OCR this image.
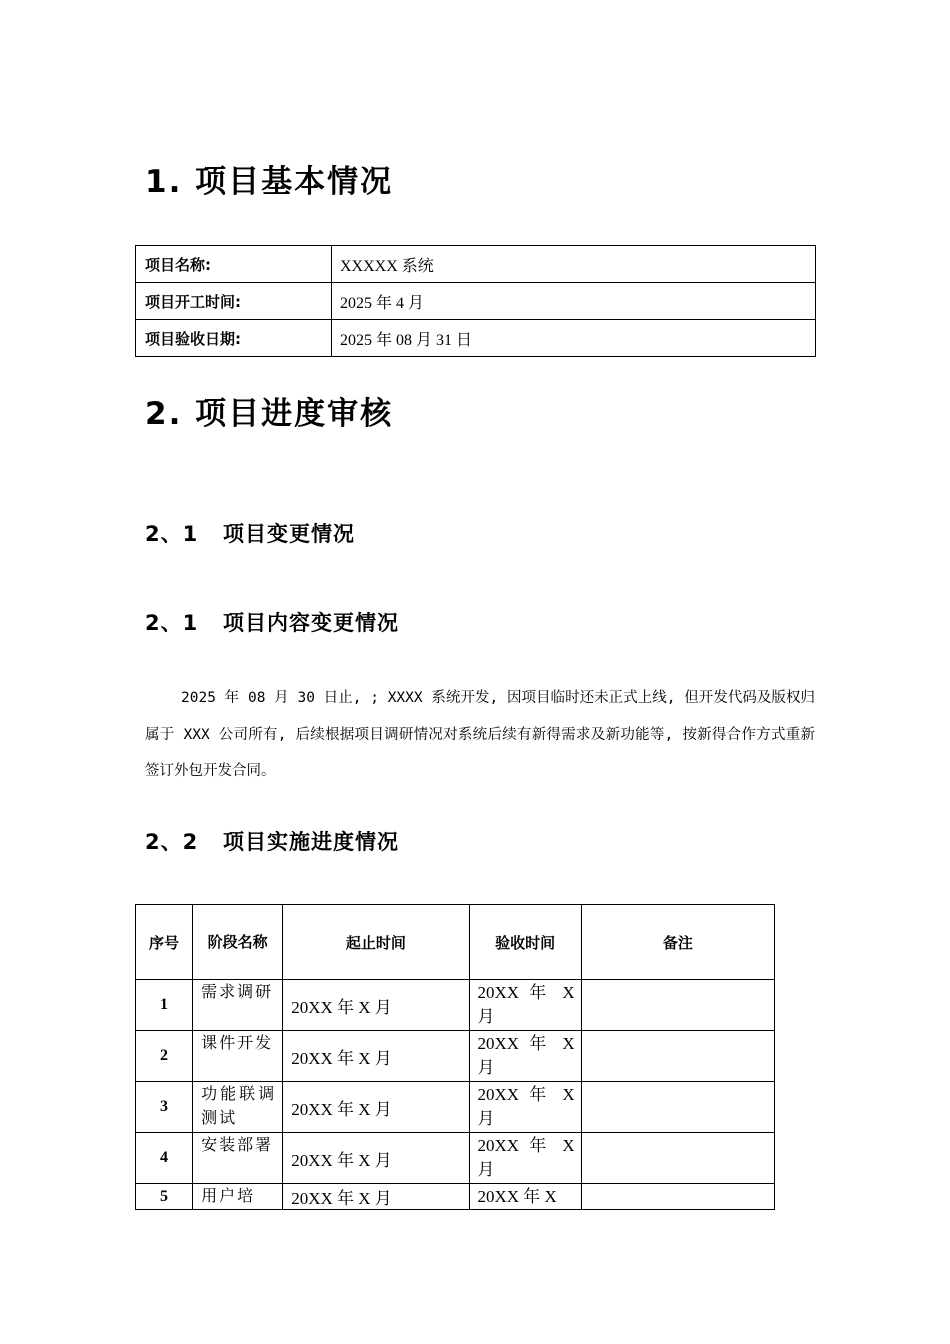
1. 项目基本情况
项目名称:	XXXXX 系统
项目开工时间:	2025 年 4 月
项目验收日期:	2025 年 08 月 31 日
2. 项目进度审核
2、1 项目变更情况
2、1 项目内容变更情况

2025 年 08 月 30 日止, ; XXXX 系统开发, 因项目临时还未正式上线, 但开发代码及版权归属于 XXX 公司所有, 后续根据项目调研情况对系统后续有新得需求及新功能等, 按新得合作方式重新签订外包开发合同。

2、2 项目实施进度情况
序号	阶段名称	起止时间	验收时间	备注
1	需求调研	20XX 年 X 月	20XX 年 X 月	
2	课件开发	20XX 年 X 月	20XX 年 X 月	
3	功能联调测试	20XX 年 X 月	20XX 年 X 月	
4	安装部署	20XX 年 X 月	20XX 年 X 月	
5	用户培	20XX 年 X 月	20XX 年 X	
